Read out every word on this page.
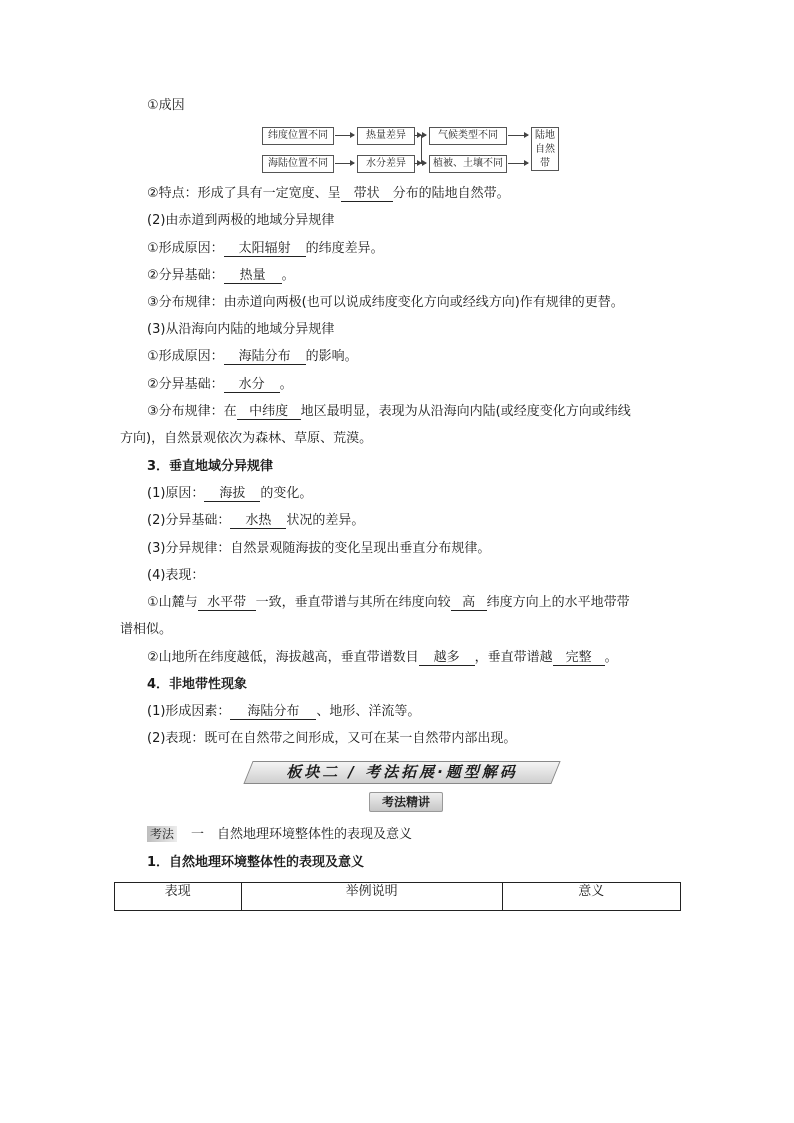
①成因
纬度位置不同	热量差异
海陆位置不同	水分差异
气候类型不同
植被、土壤不同
陆地自然带
②特点：形成了具有一定宽度、呈 带状 分布的陆地自然带。
(2)由赤道到两极的地域分异规律
①形成原因： 太阳辐射 的纬度差异。
②分异基础： 热量 。
③分布规律：由赤道向两极(也可以说成纬度变化方向或经线方向)作有规律的更替。
(3)从沿海向内陆的地域分异规律
①形成原因： 海陆分布 的影响。
②分异基础： 水分 。
③分布规律：在 中纬度 地区最明显，表现为从沿海向内陆(或经度变化方向或纬线
方向)，自然景观依次为森林、草原、荒漠。
3．垂直地域分异规律
(1)原因： 海拔 的变化。
(2)分异基础： 水热 状况的差异。
(3)分异规律：自然景观随海拔的变化呈现出垂直分布规律。
(4)表现：
①山麓与 水平带 一致，垂直带谱与其所在纬度向较 高 纬度方向上的水平地带带
谱相似。
②山地所在纬度越低，海拔越高，垂直带谱数目 越多 ，垂直带谱越 完整 。
4．非地带性现象
(1)形成因素： 海陆分布 、地形、洋流等。
(2)表现：既可在自然带之间形成，又可在某一自然带内部出现。
板块二 / 考法拓展·题型解码
考法精讲
考法 一 自然地理环境整体性的表现及意义
1．自然地理环境整体性的表现及意义
表现	举例说明	意义
